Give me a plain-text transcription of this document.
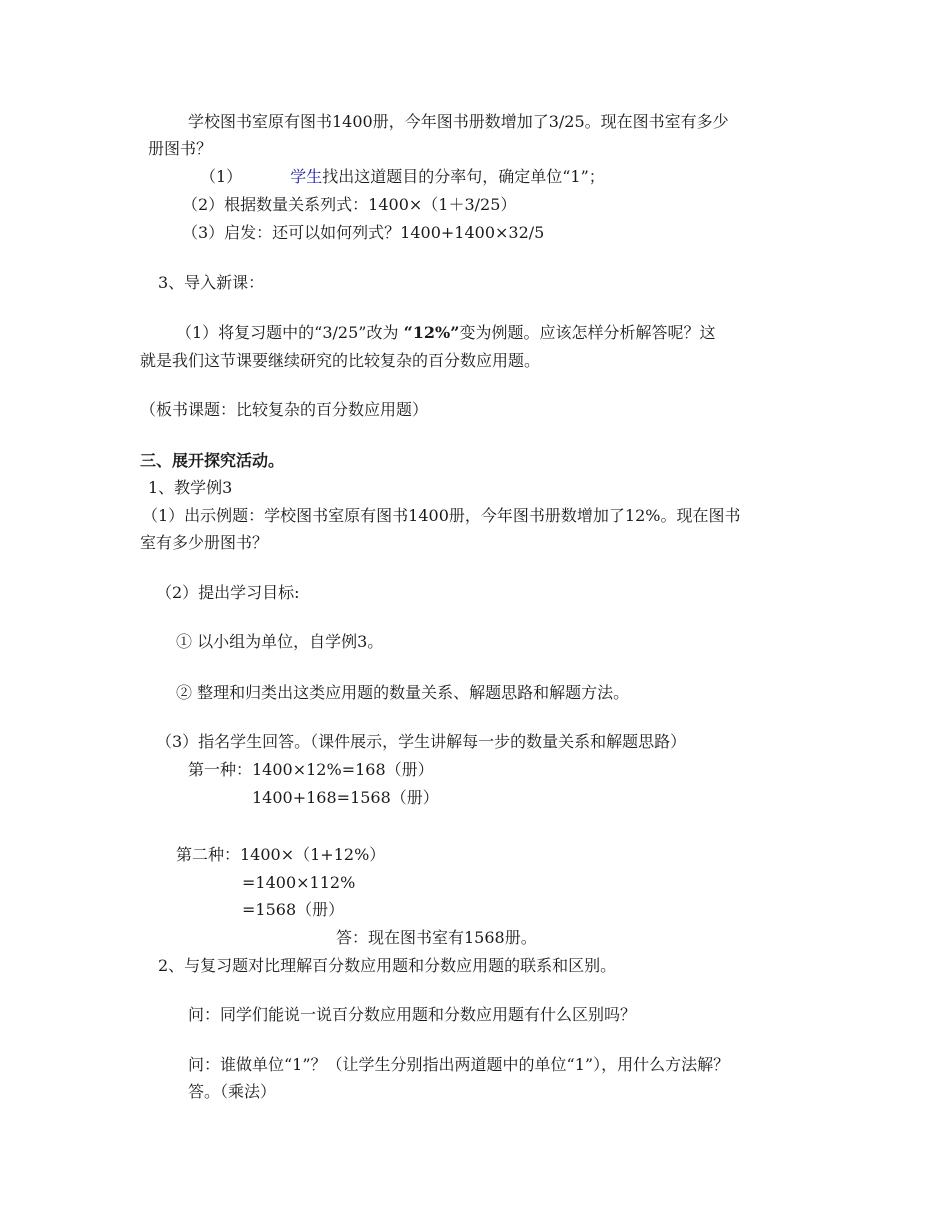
学校图书室原有图书1400册，今年图书册数增加了3/25。现在图书室有多少
册图书？
（1）	学生找出这道题目的分率句，确定单位“1”；
（2）根据数量关系列式：1400×（1＋3/25）
（3）启发：还可以如何列式？1400+1400×32/5
3、导入新课：
（1）将复习题中的“3/25”改为 “12%”变为例题。应该怎样分析解答呢？这
就是我们这节课要继续研究的比较复杂的百分数应用题。
（板书课题：比较复杂的百分数应用题）
三、展开探究活动。
1、教学例3
（1）出示例题：学校图书室原有图书1400册，今年图书册数增加了12%。现在图书
室有多少册图书？
（2）提出学习目标:
① 以小组为单位，自学例3。
② 整理和归类出这类应用题的数量关系、解题思路和解题方法。
（3）指名学生回答。（课件展示，学生讲解每一步的数量关系和解题思路）
第一种：1400×12%=168（册）
1400+168=1568（册）
第二种：1400×（1+12%）
=1400×112%
=1568（册）
答：现在图书室有1568册。
2、与复习题对比理解百分数应用题和分数应用题的联系和区别。
问：同学们能说一说百分数应用题和分数应用题有什么区别吗？
问：谁做单位“1”？（让学生分别指出两道题中的单位“1”），用什么方法解？
答。（乘法）
